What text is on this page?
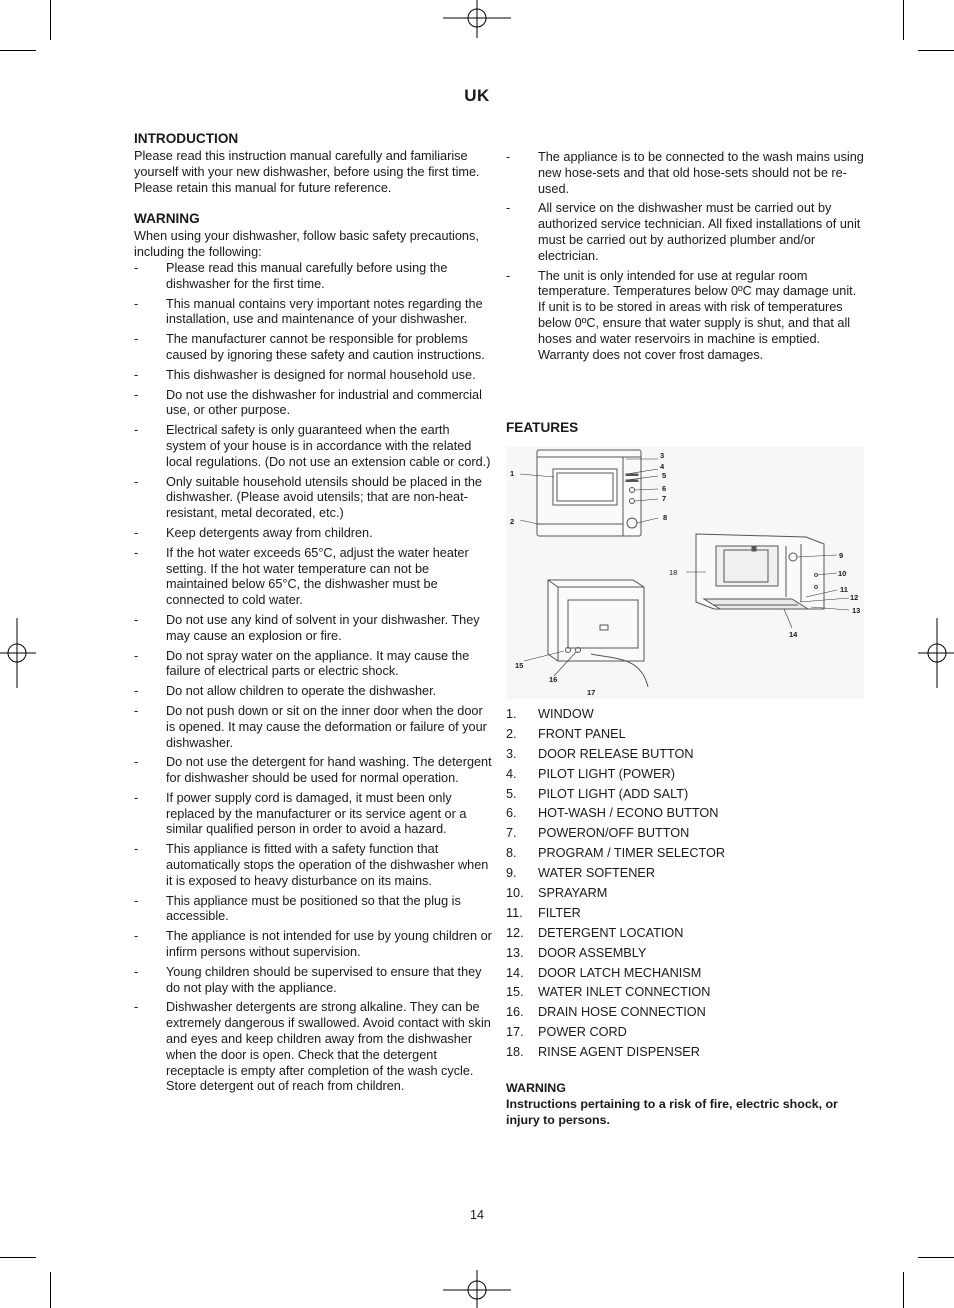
UK
INTRODUCTION

Please read this instruction manual carefully and familiarise yourself with your new dishwasher, before using the first time. Please retain this manual for future reference.

WARNING

When using your dishwasher, follow basic safety precautions, including the following:

- Please read this manual carefully before using the dishwasher for the first time.
- This manual contains very important notes regarding the installation, use and maintenance of your dishwasher.
- The manufacturer cannot be responsible for problems caused by ignoring these safety and caution instructions.
- This dishwasher is designed for normal household use.
- Do not use the dishwasher for industrial and commercial use, or other purpose.
- Electrical safety is only guaranteed when the earth system of your house is in accordance with the related local regulations. (Do not use an extension cable or cord.)
- Only suitable household utensils should be placed in the dishwasher. (Please avoid utensils; that are non-heat-resistant, metal decorated, etc.)
- Keep detergents away from children.
- If the hot water exceeds 65°C, adjust the water heater setting. If the hot water temperature can not be maintained below 65°C, the dishwasher must be connected to cold water.
- Do not use any kind of solvent in your dishwasher. They may cause an explosion or fire.
- Do not spray water on the appliance. It may cause the failure of electrical parts or electric shock.
- Do not allow children to operate the dishwasher.
- Do not push down or sit on the inner door when the door is opened. It may cause the deformation or failure of your dishwasher.
- Do not use the detergent for hand washing. The detergent for dishwasher should be used for normal operation.
- If power supply cord is damaged, it must been only replaced by the manufacturer or its service agent or a similar qualified person in order to avoid a hazard.
- This appliance is fitted with a safety function that automatically stops the operation of the dishwasher when it is exposed to heavy disturbance on its mains.
- This appliance must be positioned so that the plug is accessible.
- The appliance is not intended for use by young children or infirm persons without supervision.
- Young children should be supervised to ensure that they do not play with the appliance.
- Dishwasher detergents are strong alkaline. They can be extremely dangerous if swallowed. Avoid contact with skin and eyes and keep children away from the dishwasher when the door is open. Check that the detergent receptacle is empty after completion of the wash cycle. Store detergent out of reach from children.
- The appliance is to be connected to the wash mains using new hose-sets and that old hose-sets should not be re-used.
- All service on the dishwasher must be carried out by authorized service technician. All fixed installations of unit must be carried out by authorized plumber and/or electrician.
- The unit is only intended for use at regular room temperature. Temperatures below 0ºC may damage unit. If unit is to be stored in areas with risk of temperatures below 0ºC, ensure that water supply is shut, and that all hoses and water reservoirs in machine is emptied. Warranty does not cover frost damages.
FEATURES
1
2
3
4
5
6
7
8
9
10
11
12
13
14
15
16
17
18
1. WINDOW
2. FRONT PANEL
3. DOOR RELEASE BUTTON
4. PILOT LIGHT (POWER)
5. PILOT LIGHT (ADD SALT)
6. HOT-WASH / ECONO BUTTON
7. POWERON/OFF BUTTON
8. PROGRAM / TIMER SELECTOR
9. WATER SOFTENER
10. SPRAYARM
11. FILTER
12. DETERGENT LOCATION
13. DOOR ASSEMBLY
14. DOOR LATCH MECHANISM
15. WATER INLET CONNECTION
16. DRAIN HOSE CONNECTION
17. POWER CORD
18. RINSE AGENT DISPENSER
WARNING
Instructions pertaining to a risk of fire, electric shock, or injury to persons.
14
